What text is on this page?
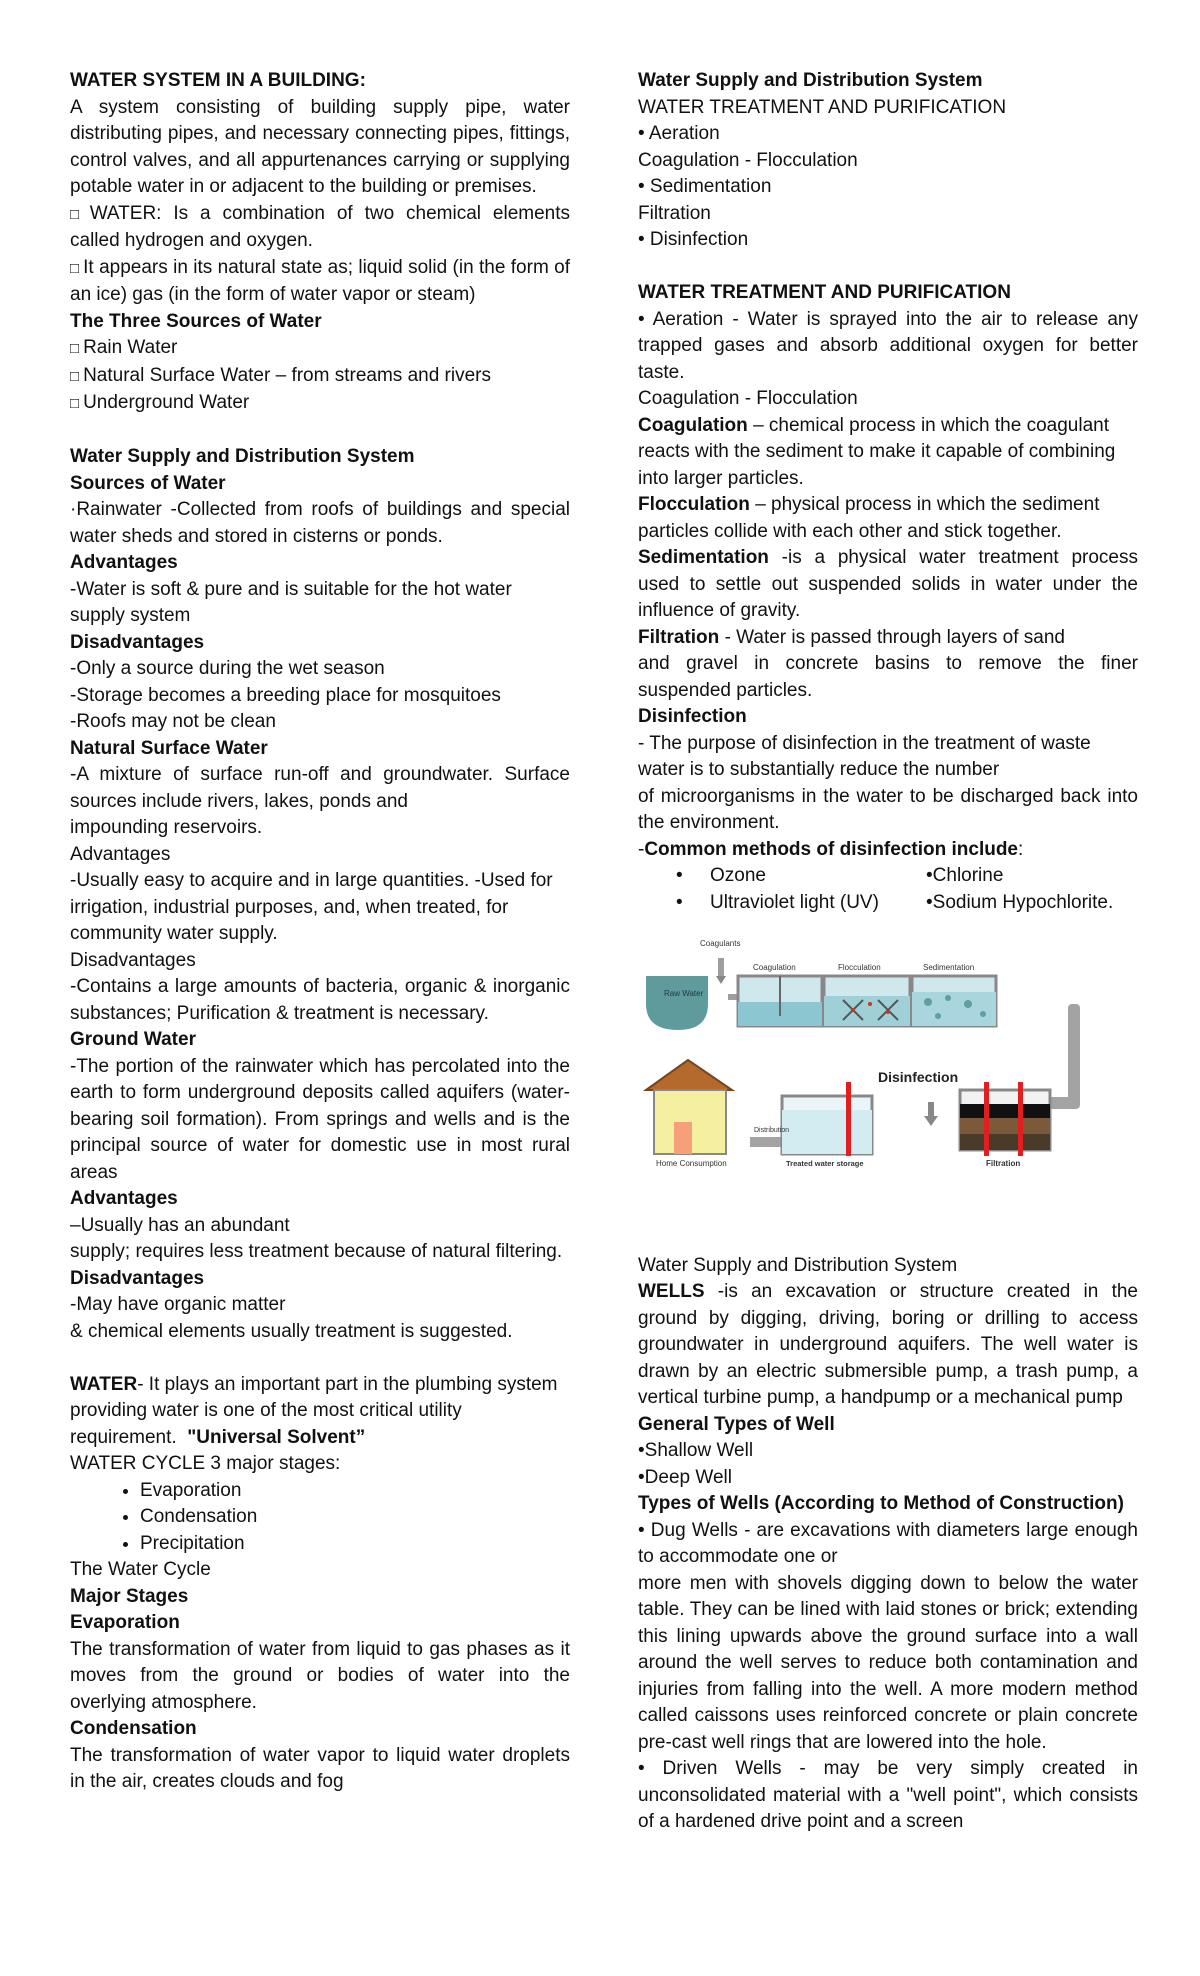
WATER SYSTEM IN A BUILDING:

A system consisting of building supply pipe, water distributing pipes, and necessary connecting pipes, fittings, control valves, and all appurtenances carrying or supplying potable water in or adjacent to the building or premises.

□ WATER: Is a combination of two chemical elements called hydrogen and oxygen.

□ It appears in its natural state as; liquid solid (in the form of an ice) gas (in the form of water vapor or steam)

The Three Sources of Water

□ Rain Water

□ Natural Surface Water – from streams and rivers

□ Underground Water

Water Supply and Distribution System

Sources of Water

·Rainwater -Collected from roofs of buildings and special water sheds and stored in cisterns or ponds.

Advantages

-Water is soft & pure and is suitable for the hot water supply system

Disadvantages

-Only a source during the wet season

-Storage becomes a breeding place for mosquitoes

-Roofs may not be clean

Natural Surface Water

-A mixture of surface run-off and groundwater. Surface sources include rivers, lakes, ponds and

impounding reservoirs.

Advantages

-Usually easy to acquire and in large quantities. -Used for irrigation, industrial purposes, and, when treated, for community water supply.

Disadvantages

-Contains a large amounts of bacteria, organic & inorganic substances; Purification & treatment is necessary.

Ground Water

-The portion of the rainwater which has percolated into the earth to form underground deposits called aquifers (water- bearing soil formation). From springs and wells and is the principal source of water for domestic use in most rural areas

Advantages

–Usually has an abundant

supply; requires less treatment because of natural filtering.

Disadvantages

-May have organic matter

& chemical elements usually treatment is suggested.

WATER- It plays an important part in the plumbing system providing water is one of the most critical utility requirement. "Universal Solvent”

WATER CYCLE 3 major stages:

• Evaporation
• Condensation
• Precipitation

The Water Cycle

Major Stages

Evaporation

The transformation of water from liquid to gas phases as it moves from the ground or bodies of water into the overlying atmosphere.

Condensation

The transformation of water vapor to liquid water droplets in the air, creates clouds and fog

Water Supply and Distribution System

WATER TREATMENT AND PURIFICATION

• Aeration

Coagulation - Flocculation

• Sedimentation

Filtration

• Disinfection

WATER TREATMENT AND PURIFICATION

• Aeration - Water is sprayed into the air to release any trapped gases and absorb additional oxygen for better taste.

Coagulation - Flocculation

Coagulation – chemical process in which the coagulant reacts with the sediment to make it capable of combining into larger particles.

Flocculation – physical process in which the sediment particles collide with each other and stick together.

Sedimentation -is a physical water treatment process used to settle out suspended solids in water under the influence of gravity.

Filtration - Water is passed through layers of sand

and gravel in concrete basins to remove the finer suspended particles.

Disinfection

- The purpose of disinfection in the treatment of waste water is to substantially reduce the number

of microorganisms in the water to be discharged back into the environment.

-Common methods of disinfection include:

• Ozone	•Chlorine
• Ultraviolet light (UV)	•Sodium Hypochlorite.
Raw Water
Coagulants
Coagulation	Flocculation	Sedimentation
Filtration
Disinfection
Treated water storage
Distribution
Home Consumption

Water Supply and Distribution System

WELLS -is an excavation or structure created in the ground by digging, driving, boring or drilling to access groundwater in underground aquifers. The well water is drawn by an electric submersible pump, a trash pump, a vertical turbine pump, a handpump or a mechanical pump

General Types of Well

•Shallow Well

•Deep Well

Types of Wells (According to Method of Construction)

• Dug Wells - are excavations with diameters large enough to accommodate one or

more men with shovels digging down to below the water table. They can be lined with laid stones or brick; extending this lining upwards above the ground surface into a wall around the well serves to reduce both contamination and injuries from falling into the well. A more modern method called caissons uses reinforced concrete or plain concrete pre-cast well rings that are lowered into the hole.

• Driven Wells - may be very simply created in unconsolidated material with a "well point", which consists of a hardened drive point and a screen
